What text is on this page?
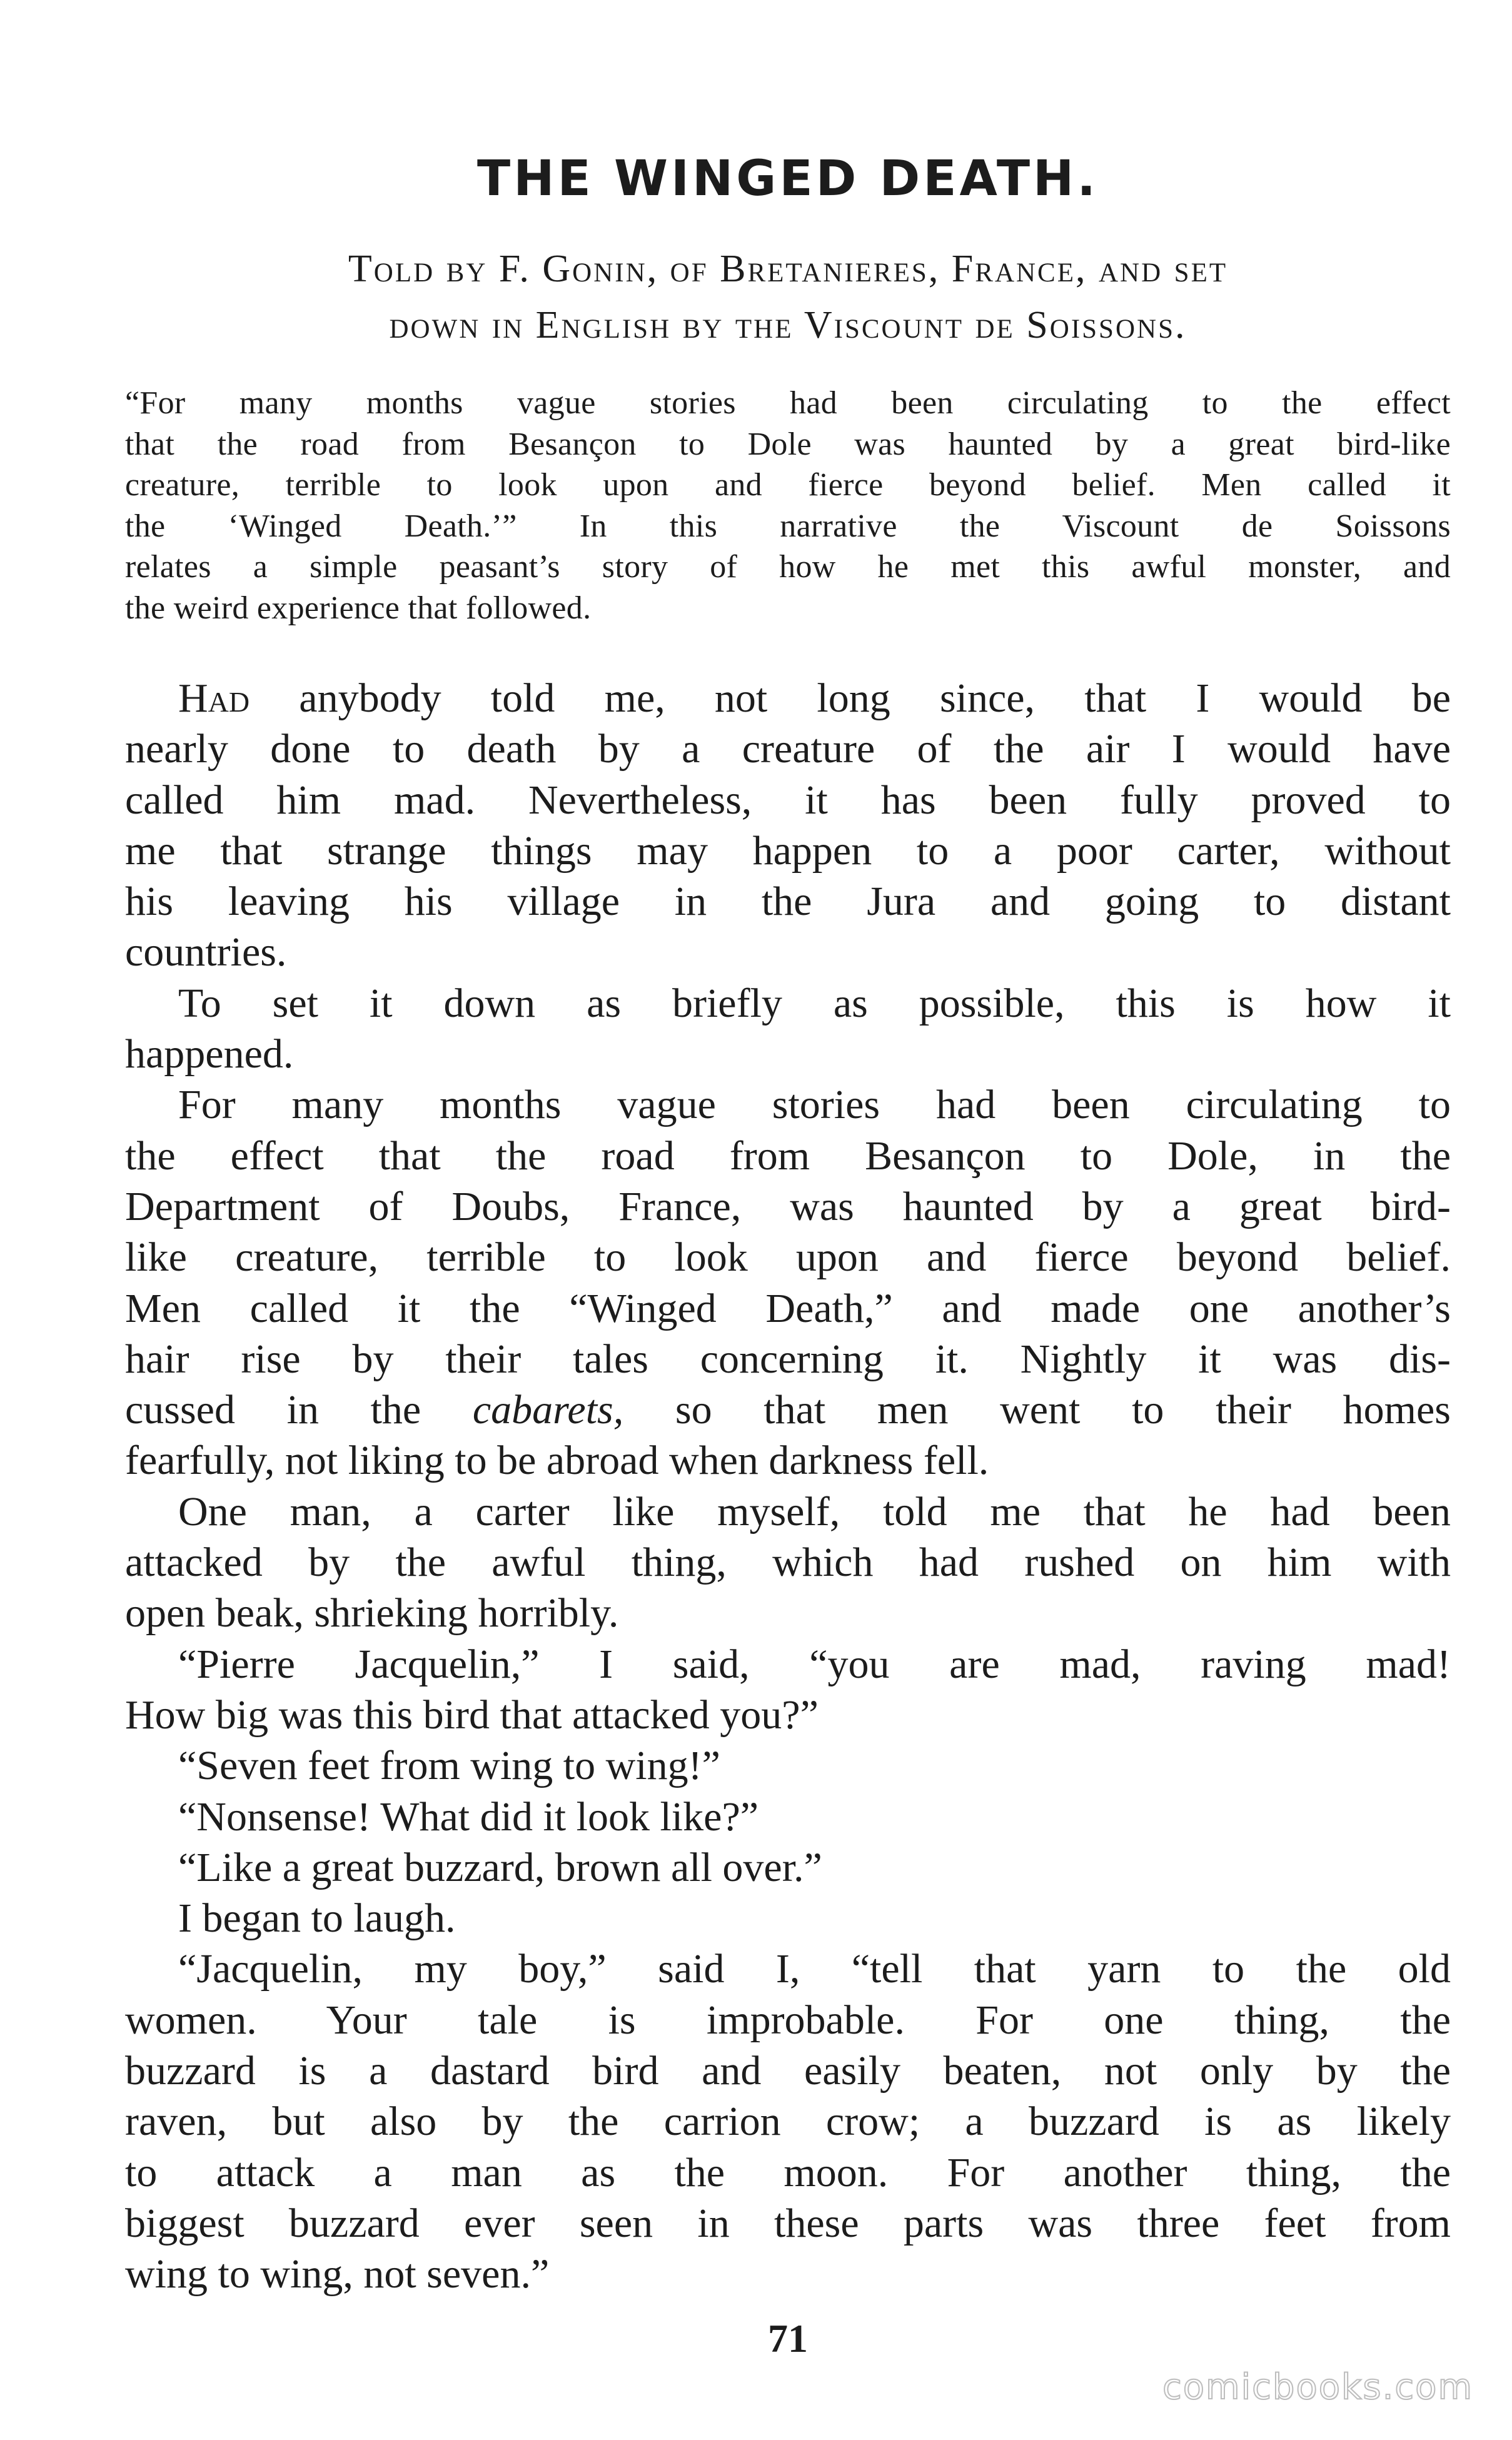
THE WINGED DEATH.
Told by F. Gonin, of Bretanieres, France, and set
down in English by the Viscount de Soissons.
“For many months vague stories had been circulating to the effect
that the road from Besançon to Dole was haunted by a great bird-like
creature, terrible to look upon and fierce beyond belief. Men called it
the ‘Winged Death.’” In this narrative the Viscount de Soissons
relates a simple peasant’s story of how he met this awful monster, and
the weird experience that followed.
Had anybody told me, not long since, that I would be
nearly done to death by a creature of the air I would have
called him mad. Nevertheless, it has been fully proved to
me that strange things may happen to a poor carter, without
his leaving his village in the Jura and going to distant
countries.
To set it down as briefly as possible, this is how it
happened.
For many months vague stories had been circulating to
the effect that the road from Besançon to Dole, in the
Department of Doubs, France, was haunted by a great bird-
like creature, terrible to look upon and fierce beyond belief.
Men called it the “Winged Death,” and made one another’s
hair rise by their tales concerning it. Nightly it was dis-
cussed in the cabarets, so that men went to their homes
fearfully, not liking to be abroad when darkness fell.
One man, a carter like myself, told me that he had been
attacked by the awful thing, which had rushed on him with
open beak, shrieking horribly.
“Pierre Jacquelin,” I said, “you are mad, raving mad!
How big was this bird that attacked you?”
“Seven feet from wing to wing!”
“Nonsense! What did it look like?”
“Like a great buzzard, brown all over.”
I began to laugh.
“Jacquelin, my boy,” said I, “tell that yarn to the old
women. Your tale is improbable. For one thing, the
buzzard is a dastard bird and easily beaten, not only by the
raven, but also by the carrion crow; a buzzard is as likely
to attack a man as the moon. For another thing, the
biggest buzzard ever seen in these parts was three feet from
wing to wing, not seven.”
71
comicbooks.com
